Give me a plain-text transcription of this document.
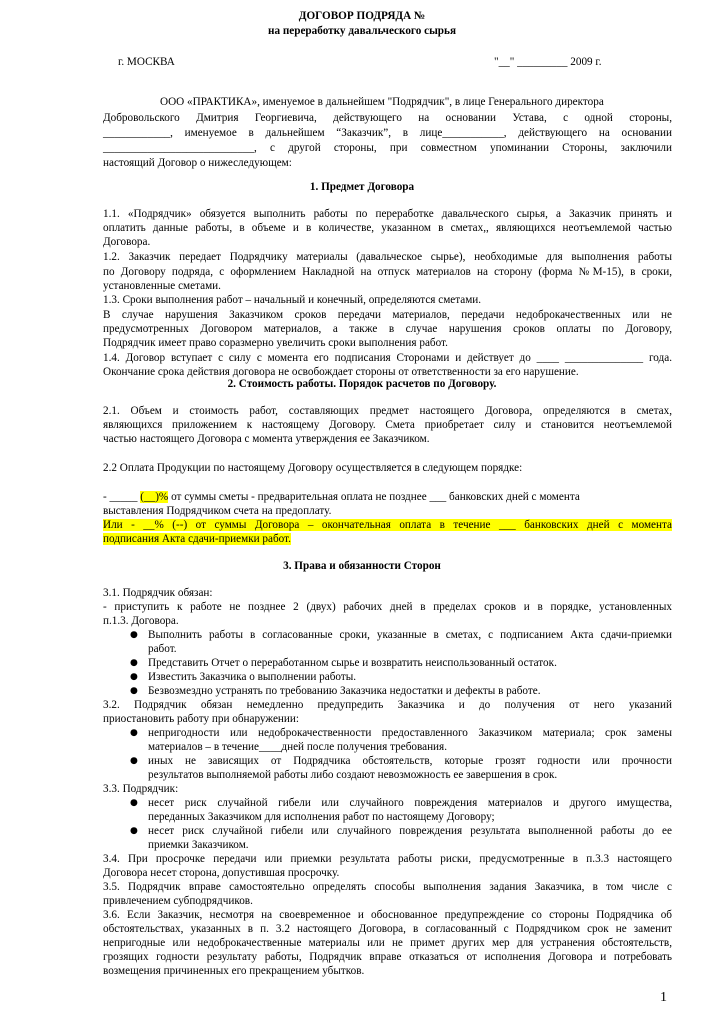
ДОГОВОР ПОДРЯДА №
на переработку давальческого сырья
г. МОСКВА	"__" _________ 2009 г.
ООО «ПРАКТИКА», именуемое в дальнейшем "Подрядчик", в лице Генерального директора
Добровольского Дмитрия Георгиевича, действующего на основании Устава, с одной стороны,
____________, именуемое в дальнейшем “Заказчик”, в лице___________, действующего на основании
___________________________, с другой стороны, при совместном упоминании Стороны, заключили
настоящий Договор о нижеследующем:
1. Предмет Договора
1.1. «Подрядчик» обязуется выполнить работы по переработке давальческого сырья, а Заказчик принять и
оплатить данные работы, в объеме и в количестве, указанном в сметах,, являющихся неотъемлемой частью
Договора.
1.2. Заказчик передает Подрядчику материалы (давальческое сырье), необходимые для выполнения работы
по Договору подряда, с оформлением Накладной на отпуск материалов на сторону (форма №М-15), в сроки,
установленные сметами.
1.3. Сроки выполнения работ – начальный и конечный, определяются сметами.
В случае нарушения Заказчиком сроков передачи материалов, передачи недоброкачественных или не
предусмотренных Договором материалов, а также в случае нарушения сроков оплаты по Договору,
Подрядчик имеет право соразмерно увеличить сроки выполнения работ.
1.4. Договор вступает с силу с момента его подписания Сторонами и действует до ____ ______________ года.
Окончание срока действия договора не освобождает стороны от ответственности за его нарушение.
2. Стоимость работы. Порядок расчетов по Договору.
2.1. Объем и стоимость работ, составляющих предмет настоящего Договора, определяются в сметах,
являющихся приложением к настоящему Договору. Смета приобретает силу и становится неотъемлемой
частью настоящего Договора с момента утверждения ее Заказчиком.
2.2 Оплата Продукции по настоящему Договору осуществляется в следующем порядке:
- _____ (__)% от суммы сметы - предварительная оплата не позднее ___ банковских дней с момента
выставления Подрядчиком счета на предоплату.
Или - __% (--) от суммы Договора – окончательная оплата в течение ___ банковских дней с момента
подписания Акта сдачи-приемки работ.
3. Права и обязанности Сторон
3.1. Подрядчик обязан:
- приступить к работе не позднее 2 (двух) рабочих дней в пределах сроков и в порядке, установленных
п.1.3. Договора.
● Выполнить работы в согласованные сроки, указанные в сметах, с подписанием Акта сдачи-приемки
работ.
● Представить Отчет о переработанном сырье и возвратить неиспользованный остаток.
● Известить Заказчика о выполнении работы.
● Безвозмездно устранять по требованию Заказчика недостатки и дефекты в работе.
3.2. Подрядчик обязан немедленно предупредить Заказчика и до получения от него указаний
приостановить работу при обнаружении:
● непригодности или недоброкачественности предоставленного Заказчиком материала; срок замены
материалов – в течение____дней после получения требования.
● иных не зависящих от Подрядчика обстоятельств, которые грозят годности или прочности
результатов выполняемой работы либо создают невозможность ее завершения в срок.
3.3. Подрядчик:
● несет риск случайной гибели или случайного повреждения материалов и другого имущества,
переданных Заказчиком для исполнения работ по настоящему Договору;
● несет риск случайной гибели или случайного повреждения результата выполненной работы до ее
приемки Заказчиком.
3.4. При просрочке передачи или приемки результата работы риски, предусмотренные в п.3.3 настоящего
Договора несет сторона, допустившая просрочку.
3.5. Подрядчик вправе самостоятельно определять способы выполнения задания Заказчика, в том числе с
привлечением субподрядчиков.
3.6. Если Заказчик, несмотря на своевременное и обоснованное предупреждение со стороны Подрядчика об
обстоятельствах, указанных в п. 3.2 настоящего Договора, в согласованный с Подрядчиком срок не заменит
непригодные или недоброкачественные материалы или не примет других мер для устранения обстоятельств,
грозящих годности результату работы, Подрядчик вправе отказаться от исполнения Договора и потребовать
возмещения причиненных его прекращением убытков.
1
